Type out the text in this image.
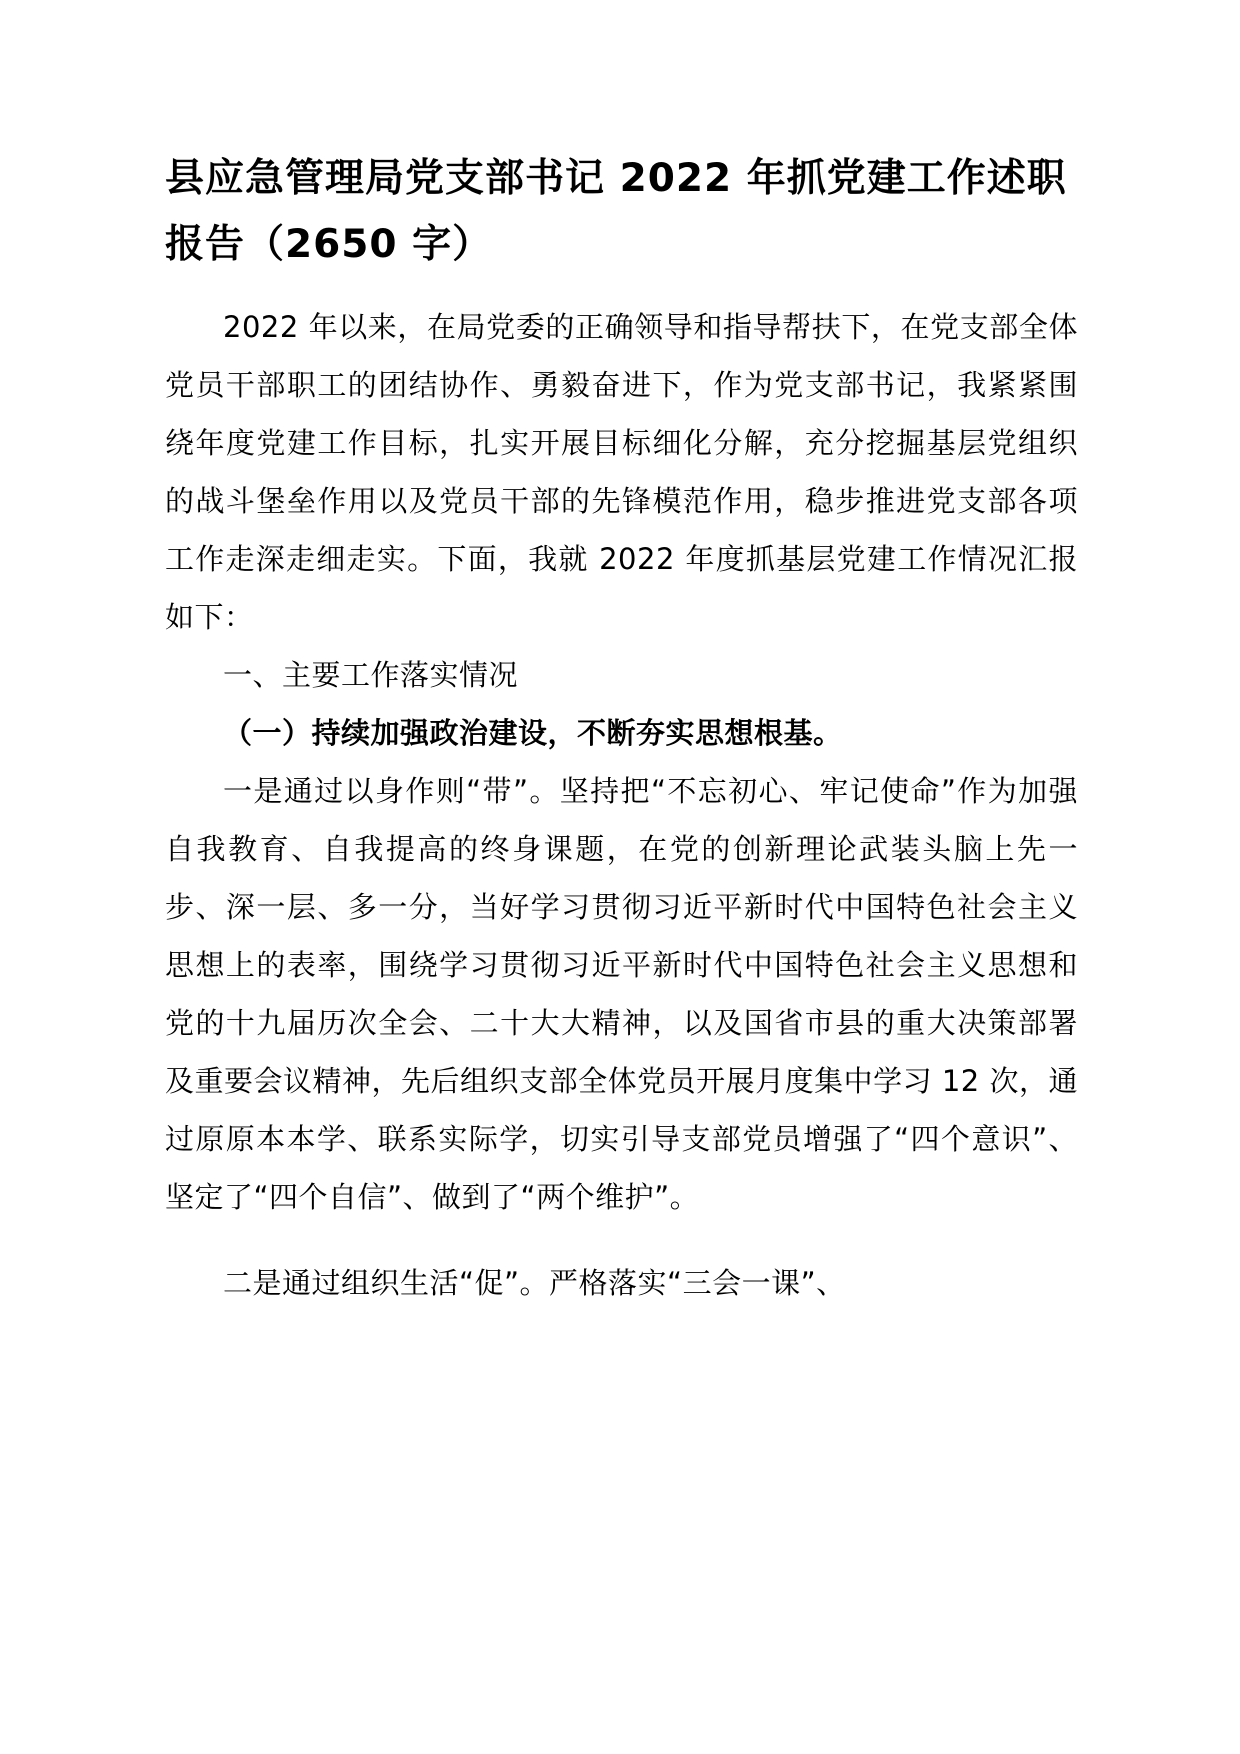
县应急管理局党支部书记 2022 年抓党建工作述职报告（2650 字）

2022 年以来，在局党委的正确领导和指导帮扶下，在党支部全体党员干部职工的团结协作、勇毅奋进下，作为党支部书记，我紧紧围绕年度党建工作目标，扎实开展目标细化分解，充分挖掘基层党组织的战斗堡垒作用以及党员干部的先锋模范作用，稳步推进党支部各项工作走深走细走实。下面，我就 2022 年度抓基层党建工作情况汇报如下：

一、主要工作落实情况

（一）持续加强政治建设，不断夯实思想根基。

一是通过以身作则“带”。坚持把“不忘初心、牢记使命”作为加强自我教育、自我提高的终身课题，在党的创新理论武装头脑上先一步、深一层、多一分，当好学习贯彻习近平新时代中国特色社会主义思想上的表率，围绕学习贯彻习近平新时代中国特色社会主义思想和党的十九届历次全会、二十大大精神，以及国省市县的重大决策部署及重要会议精神，先后组织支部全体党员开展月度集中学习 12 次，通过原原本本学、联系实际学，切实引导支部党员增强了“四个意识”、坚定了“四个自信”、做到了“两个维护”。

二是通过组织生活“促”。严格落实“三会一课”、
